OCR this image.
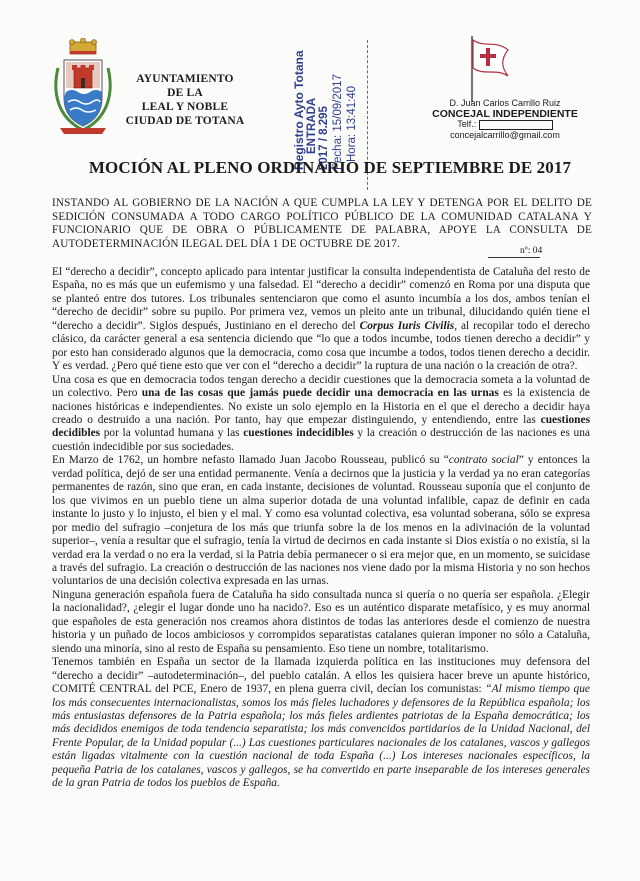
AYUNTAMIENTO
DE LA
LEAL Y NOBLE
CIUDAD DE TOTANA	Registro Ayto Totana ENTRADA 2017 / 8.295 Fecha: 15/09/2017 Hora: 13:41:40	D. Juan Carlos Carrillo Ruiz
CONCEJAL INDEPENDIENTE
Telf.:
concejalcarrillo@gmail.com
MOCIÓN AL PLENO ORDINARIO DE SEPTIEMBRE DE 2017
INSTANDO AL GOBIERNO DE LA NACIÓN A QUE CUMPLA LA LEY Y DETENGA POR EL DELITO DE SEDICIÓN CONSUMADA A TODO CARGO POLÍTICO PÚBLICO DE LA COMUNIDAD CATALANA Y FUNCIONARIO QUE DE OBRA O PÚBLICAMENTE DE PALABRA, APOYE LA CONSULTA DE AUTODETERMINACIÓN ILEGAL DEL DÍA 1 DE OCTUBRE DE 2017.
nº: 04

El “derecho a decidir”, concepto aplicado para intentar justificar la consulta independentista de Cataluña del resto de España, no es más que un eufemismo y una falsedad. El “derecho a decidir” comenzó en Roma por una disputa que se planteó entre dos tutores. Los tribunales sentenciaron que como el asunto incumbía a los dos, ambos tenían el “derecho de decidir” sobre su pupilo. Por primera vez, vemos un pleito ante un tribunal, dilucidando quién tiene el “derecho a decidir”. Siglos después, Justiniano en el derecho del Corpus Iuris Civilis, al recopilar todo el derecho clásico, da carácter general a esa sentencia diciendo que “lo que a todos incumbe, todos tienen derecho a decidir” y por esto han considerado algunos que la democracia, como cosa que incumbe a todos, todos tienen derecho a decidir. Y es verdad. ¿Pero qué tiene esto que ver con el “derecho a decidir” la ruptura de una nación o la creación de otra?.

Una cosa es que en democracia todos tengan derecho a decidir cuestiones que la democracia someta a la voluntad de un colectivo. Pero una de las cosas que jamás puede decidir una democracia en las urnas es la existencia de naciones históricas e independientes. No existe un solo ejemplo en la Historia en el que el derecho a decidir haya creado o destruido a una nación. Por tanto, hay que empezar distinguiendo, y entendiendo, entre las cuestiones decidibles por la voluntad humana y las cuestiones indecidibles y la creación o destrucción de las naciones es una cuestión indecidible por sus sociedades.

En Marzo de 1762, un hombre nefasto llamado Juan Jacobo Rousseau, publicó su “contrato social” y entonces la verdad política, dejó de ser una entidad permanente. Venía a decirnos que la justicia y la verdad ya no eran categorías permanentes de razón, sino que eran, en cada instante, decisiones de voluntad. Rousseau suponía que el conjunto de los que vivimos en un pueblo tiene un alma superior dotada de una voluntad infalible, capaz de definir en cada instante lo justo y lo injusto, el bien y el mal. Y como esa voluntad colectiva, esa voluntad soberana, sólo se expresa por medio del sufragio –conjetura de los más que triunfa sobre la de los menos en la adivinación de la voluntad superior–, venía a resultar que el sufragio, tenía la virtud de decirnos en cada instante si Dios existía o no existía, si la verdad era la verdad o no era la verdad, si la Patria debía permanecer o si era mejor que, en un momento, se suicidase a través del sufragio. La creación o destrucción de las naciones nos viene dado por la misma Historia y no son hechos voluntarios de una decisión colectiva expresada en las urnas.

Ninguna generación española fuera de Cataluña ha sido consultada nunca si quería o no quería ser española. ¿Elegir la nacionalidad?, ¿elegir el lugar donde uno ha nacido?. Eso es un auténtico disparate metafísico, y es muy anormal que españoles de esta generación nos creamos ahora distintos de todas las anteriores desde el comienzo de nuestra historia y un puñado de locos ambiciosos y corrompidos separatistas catalanes quieran imponer no sólo a Cataluña, siendo una minoría, sino al resto de España su pensamiento. Eso tiene un nombre, totalitarismo.

Tenemos también en España un sector de la llamada izquierda política en las instituciones muy defensora del “derecho a decidir” –autodeterminación–, del pueblo catalán. A ellos les quisiera hacer breve un apunte histórico, COMITÉ CENTRAL del PCE, Enero de 1937, en plena guerra civil, decían los comunistas: “Al mismo tiempo que los más consecuentes internacionalistas, somos los más fieles luchadores y defensores de la República española; los más entusiastas defensores de la Patria española; los más fieles ardientes patriotas de la España democrática; los más decididos enemigos de toda tendencia separatista; los más convencidos partidarios de la Unidad Nacional, del Frente Popular, de la Unidad popular (...) Las cuestiones particulares nacionales de los catalanes, vascos y gallegos están ligadas vitalmente con la cuestión nacional de toda España (...) Los intereses nacionales específicos, la pequeña Patria de los catalanes, vascos y gallegos, se ha convertido en parte inseparable de los intereses generales de la gran Patria de todos los pueblos de España.
